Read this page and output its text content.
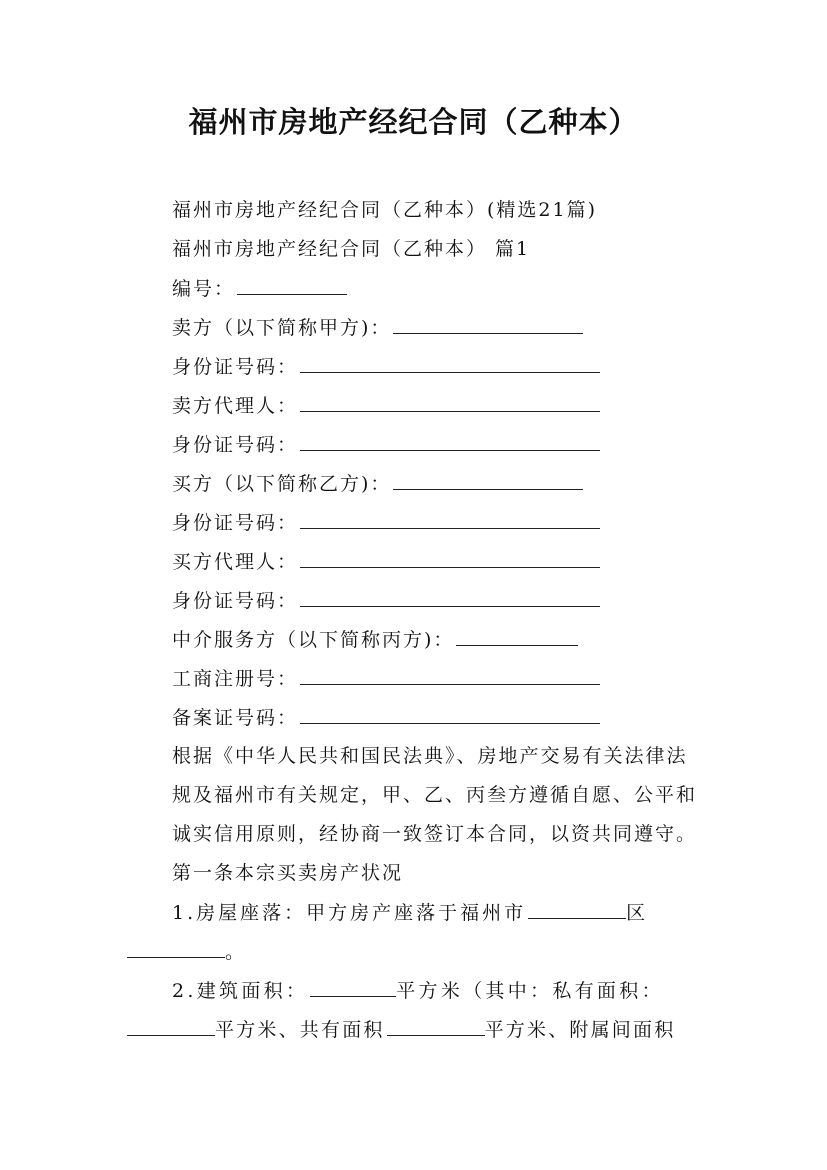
福州市房地产经纪合同（乙种本）
福州市房地产经纪合同（乙种本）(精选21篇)
福州市房地产经纪合同（乙种本） 篇1
编号：
卖方（以下简称甲方)：
身份证号码：
卖方代理人：
身份证号码：
买方（以下简称乙方)：
身份证号码：
买方代理人：
身份证号码：
中介服务方（以下简称丙方)：
工商注册号：
备案证号码：
根据《中华人民共和国民法典》、房地产交易有关法律法规及福州市有关规定，甲、乙、丙叁方遵循自愿、公平和诚实信用原则，经协商一致签订本合同，以资共同遵守。
第一条本宗买卖房产状况
1.房屋座落：甲方房产座落于福州市	区
。
2.建筑面积：	平方米（其中：私有面积：
平方米、共有面积	平方米、附属间面积
